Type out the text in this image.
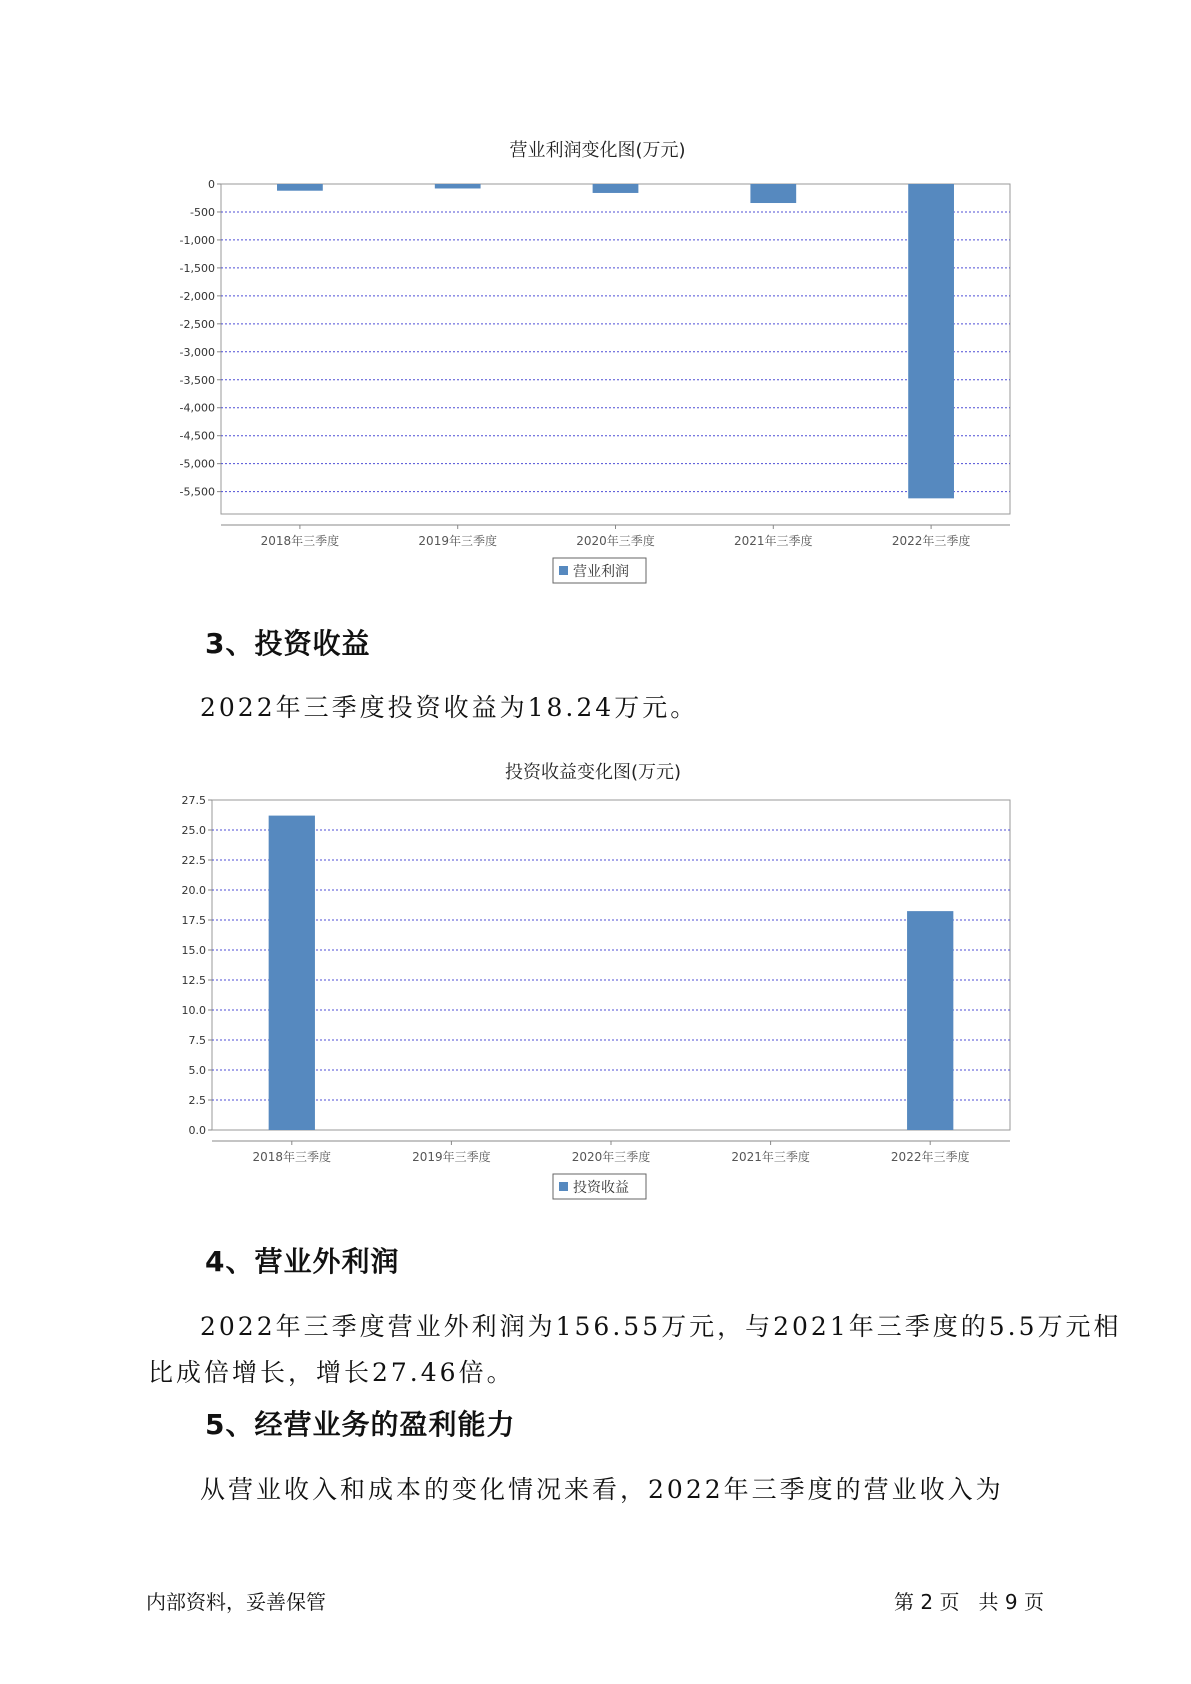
营业利润变化图(万元)
0
-500
-1,000
-1,500
-2,000
-2,500
-3,000
-3,500
-4,000
-4,500
-5,000
-5,500
2018年三季度	2019年三季度	2020年三季度	2021年三季度	2022年三季度
营业利润
3、投资收益

2022年三季度投资收益为18.24万元。

投资收益变化图(万元)
0.0
2.5
5.0
7.5
10.0
12.5
15.0
17.5
20.0
22.5
25.0
27.5
2018年三季度	2019年三季度	2020年三季度	2021年三季度	2022年三季度
投资收益
4、营业外利润

2022年三季度营业外利润为156.55万元，与2021年三季度的5.5万元相

比成倍增长，增长27.46倍。

5、经营业务的盈利能力

从营业收入和成本的变化情况来看，2022年三季度的营业收入为

内部资料，妥善保管	第 2 页   共 9 页
